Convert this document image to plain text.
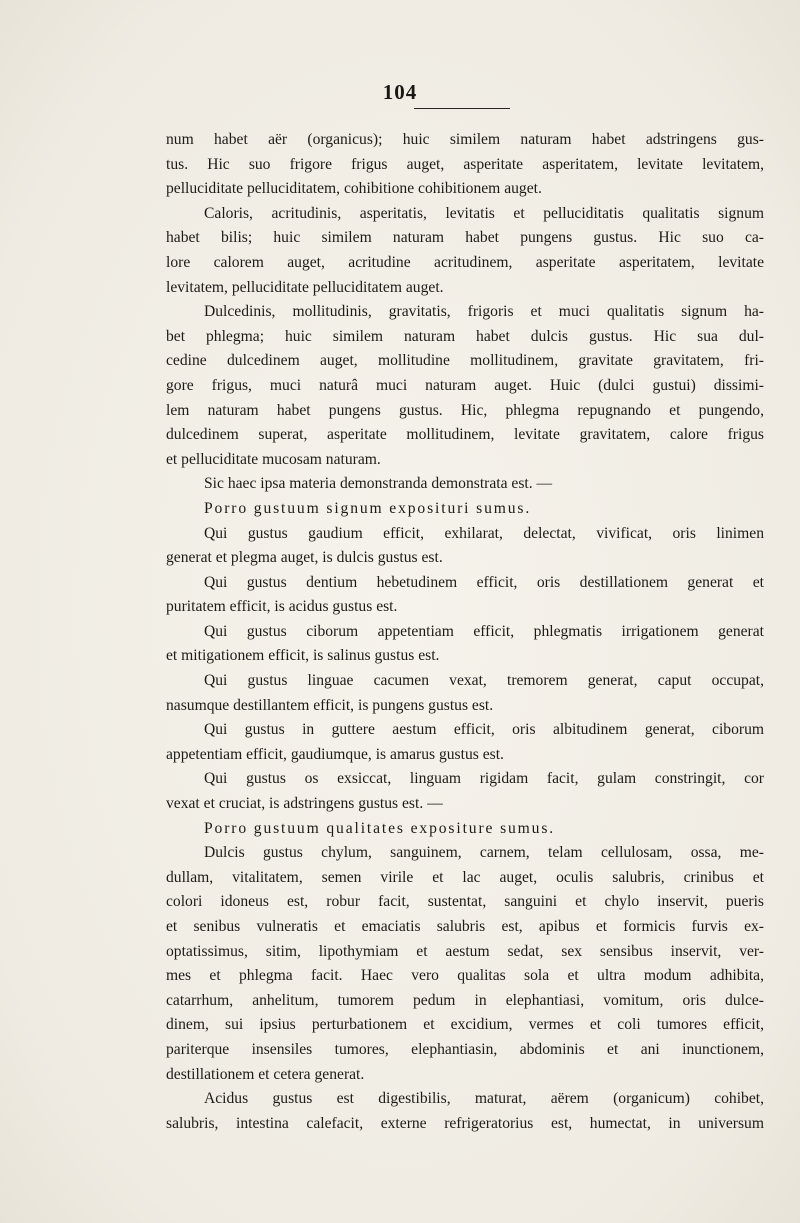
104
num habet aër (organicus); huic similem naturam habet adstringens gus-
tus. Hic suo frigore frigus auget, asperitate asperitatem, levitate levitatem,
pelluciditate pelluciditatem, cohibitione cohibitionem auget.
Caloris, acritudinis, asperitatis, levitatis et pelluciditatis qualitatis signum
habet bilis; huic similem naturam habet pungens gustus. Hic suo ca-
lore calorem auget, acritudine acritudinem, asperitate asperitatem, levitate
levitatem, pelluciditate pelluciditatem auget.
Dulcedinis, mollitudinis, gravitatis, frigoris et muci qualitatis signum ha-
bet phlegma; huic similem naturam habet dulcis gustus. Hic sua dul-
cedine dulcedinem auget, mollitudine mollitudinem, gravitate gravitatem, fri-
gore frigus, muci naturâ muci naturam auget. Huic (dulci gustui) dissimi-
lem naturam habet pungens gustus. Hic, phlegma repugnando et pungendo,
dulcedinem superat, asperitate mollitudinem, levitate gravitatem, calore frigus
et pelluciditate mucosam naturam.
Sic haec ipsa materia demonstranda demonstrata est. —
Porro gustuum signum exposituri sumus.
Qui gustus gaudium efficit, exhilarat, delectat, vivificat, oris linimen
generat et plegma auget, is dulcis gustus est.
Qui gustus dentium hebetudinem efficit, oris destillationem generat et
puritatem efficit, is acidus gustus est.
Qui gustus ciborum appetentiam efficit, phlegmatis irrigationem generat
et mitigationem efficit, is salinus gustus est.
Qui gustus linguae cacumen vexat, tremorem generat, caput occupat,
nasumque destillantem efficit, is pungens gustus est.
Qui gustus in guttere aestum efficit, oris albitudinem generat, ciborum
appetentiam efficit, gaudiumque, is amarus gustus est.
Qui gustus os exsiccat, linguam rigidam facit, gulam constringit, cor
vexat et cruciat, is adstringens gustus est. —
Porro gustuum qualitates expositure sumus.
Dulcis gustus chylum, sanguinem, carnem, telam cellulosam, ossa, me-
dullam, vitalitatem, semen virile et lac auget, oculis salubris, crinibus et
colori idoneus est, robur facit, sustentat, sanguini et chylo inservit, pueris
et senibus vulneratis et emaciatis salubris est, apibus et formicis furvis ex-
optatissimus, sitim, lipothymiam et aestum sedat, sex sensibus inservit, ver-
mes et phlegma facit. Haec vero qualitas sola et ultra modum adhibita,
catarrhum, anhelitum, tumorem pedum in elephantiasi, vomitum, oris dulce-
dinem, sui ipsius perturbationem et excidium, vermes et coli tumores efficit,
pariterque insensiles tumores, elephantiasin, abdominis et ani inunctionem,
destillationem et cetera generat.
Acidus gustus est digestibilis, maturat, aërem (organicum) cohibet,
salubris, intestina calefacit, externe refrigeratorius est, humectat, in universum
